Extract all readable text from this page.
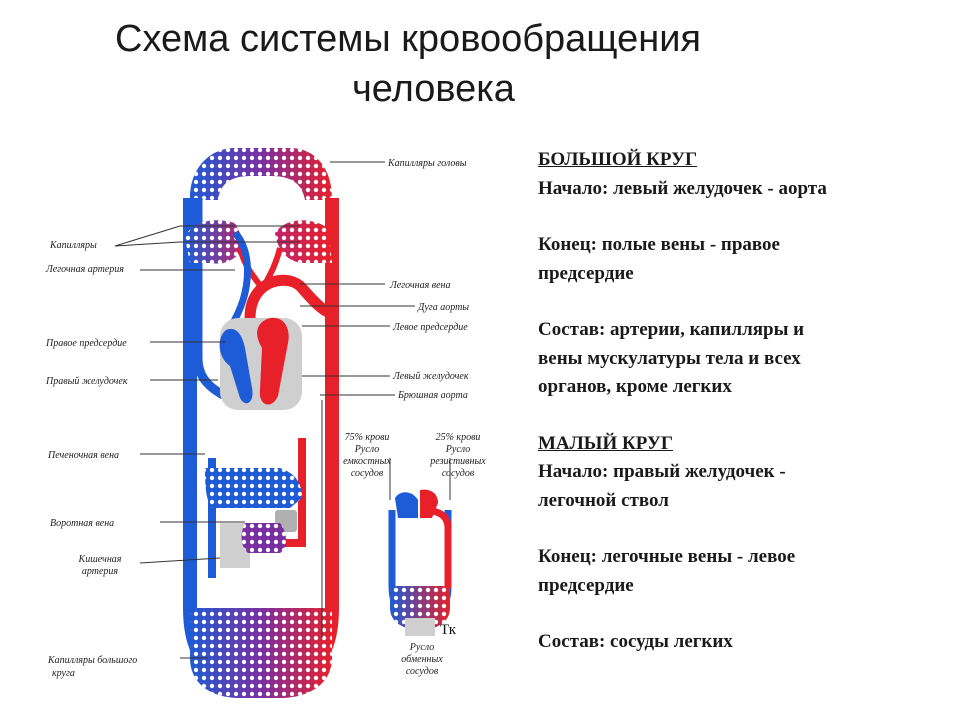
Схема системы кровообращения
человека
Капилляры головы
Капилляры
Легочная артерия
Легочная вена
Дуга аорты
Левое предсердие
Правое предсердие
Правый желудочек	Левый желудочек
Брюшная аорта
Печеночная вена
Воротная вена
Кишечная
артерия
Капилляры большого
круга
75% крови
Русло
емкостных
сосудов
25% крови
Русло
резистивных
сосудов
Тк
Русло
обменных
сосудов
БОЛЬШОЙ КРУГ
Начало: левый желудочек - аорта
Конец: полые вены - правое
предсердие
Состав: артерии, капилляры и
вены мускулатуры тела и всех
органов, кроме легких
МАЛЫЙ КРУГ
Начало: правый желудочек -
легочной ствол
Конец: легочные вены - левое
предсердие
Состав: сосуды легких
